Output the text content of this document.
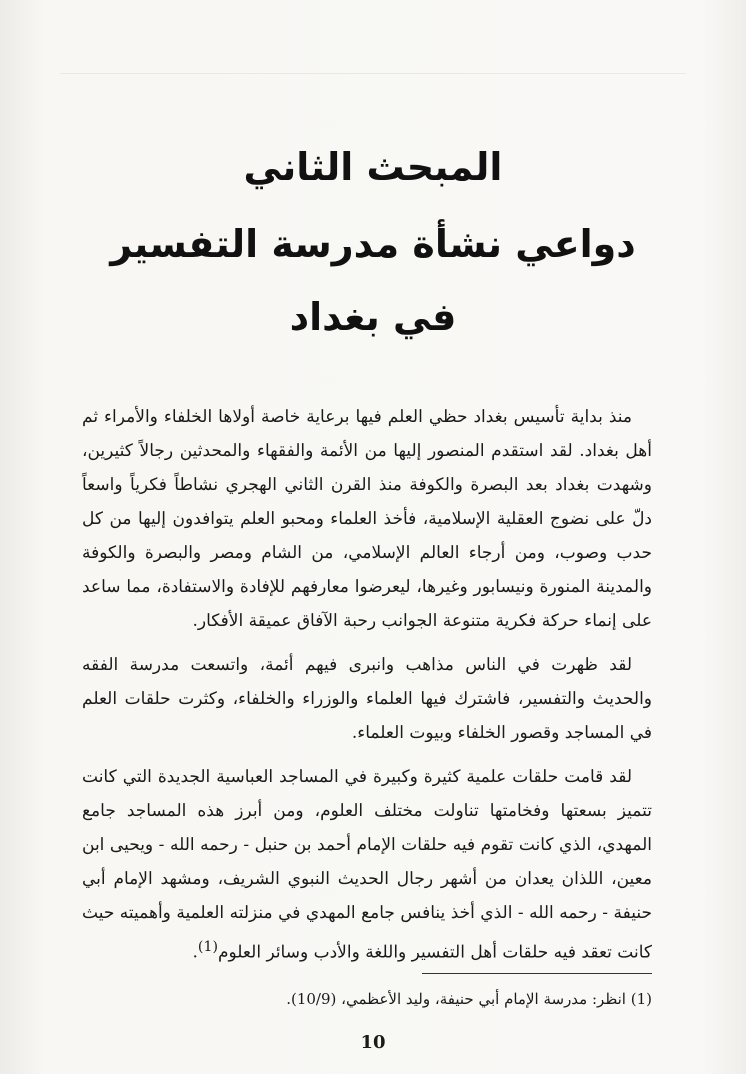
المبحث الثاني
دواعي نشأة مدرسة التفسير
في بغداد

منذ بداية تأسيس بغداد حظي العلم فيها برعاية خاصة أولاها الخلفاء والأمراء ثم أهل بغداد. لقد استقدم المنصور إليها من الأئمة والفقهاء والمحدثين رجالاً كثيرين، وشهدت بغداد بعد البصرة والكوفة منذ القرن الثاني الهجري نشاطاً فكرياً واسعاً دلّ على نضوج العقلية الإسلامية، فأخذ العلماء ومحبو العلم يتوافدون إليها من كل حدب وصوب، ومن أرجاء العالم الإسلامي، من الشام ومصر والبصرة والكوفة والمدينة المنورة ونيسابور وغيرها، ليعرضوا معارفهم للإفادة والاستفادة، مما ساعد على إنماء حركة فكرية متنوعة الجوانب رحبة الآفاق عميقة الأفكار.

لقد ظهرت في الناس مذاهب وانبرى فيهم أئمة، واتسعت مدرسة الفقه والحديث والتفسير، فاشترك فيها العلماء والوزراء والخلفاء، وكثرت حلقات العلم في المساجد وقصور الخلفاء وبيوت العلماء.

لقد قامت حلقات علمية كثيرة وكبيرة في المساجد العباسية الجديدة التي كانت تتميز بسعتها وفخامتها تناولت مختلف العلوم، ومن أبرز هذه المساجد جامع المهدي، الذي كانت تقوم فيه حلقات الإمام أحمد بن حنبل - رحمه الله - ويحيى ابن معين، اللذان يعدان من أشهر رجال الحديث النبوي الشريف، ومشهد الإمام أبي حنيفة - رحمه الله - الذي أخذ ينافس جامع المهدي في منزلته العلمية وأهميته حيث كانت تعقد فيه حلقات أهل التفسير واللغة والأدب وسائر العلوم$^{(1)}$.

(1) انظر: مدرسة الإمام أبي حنيفة، وليد الأعظمي، (10/9).
10
